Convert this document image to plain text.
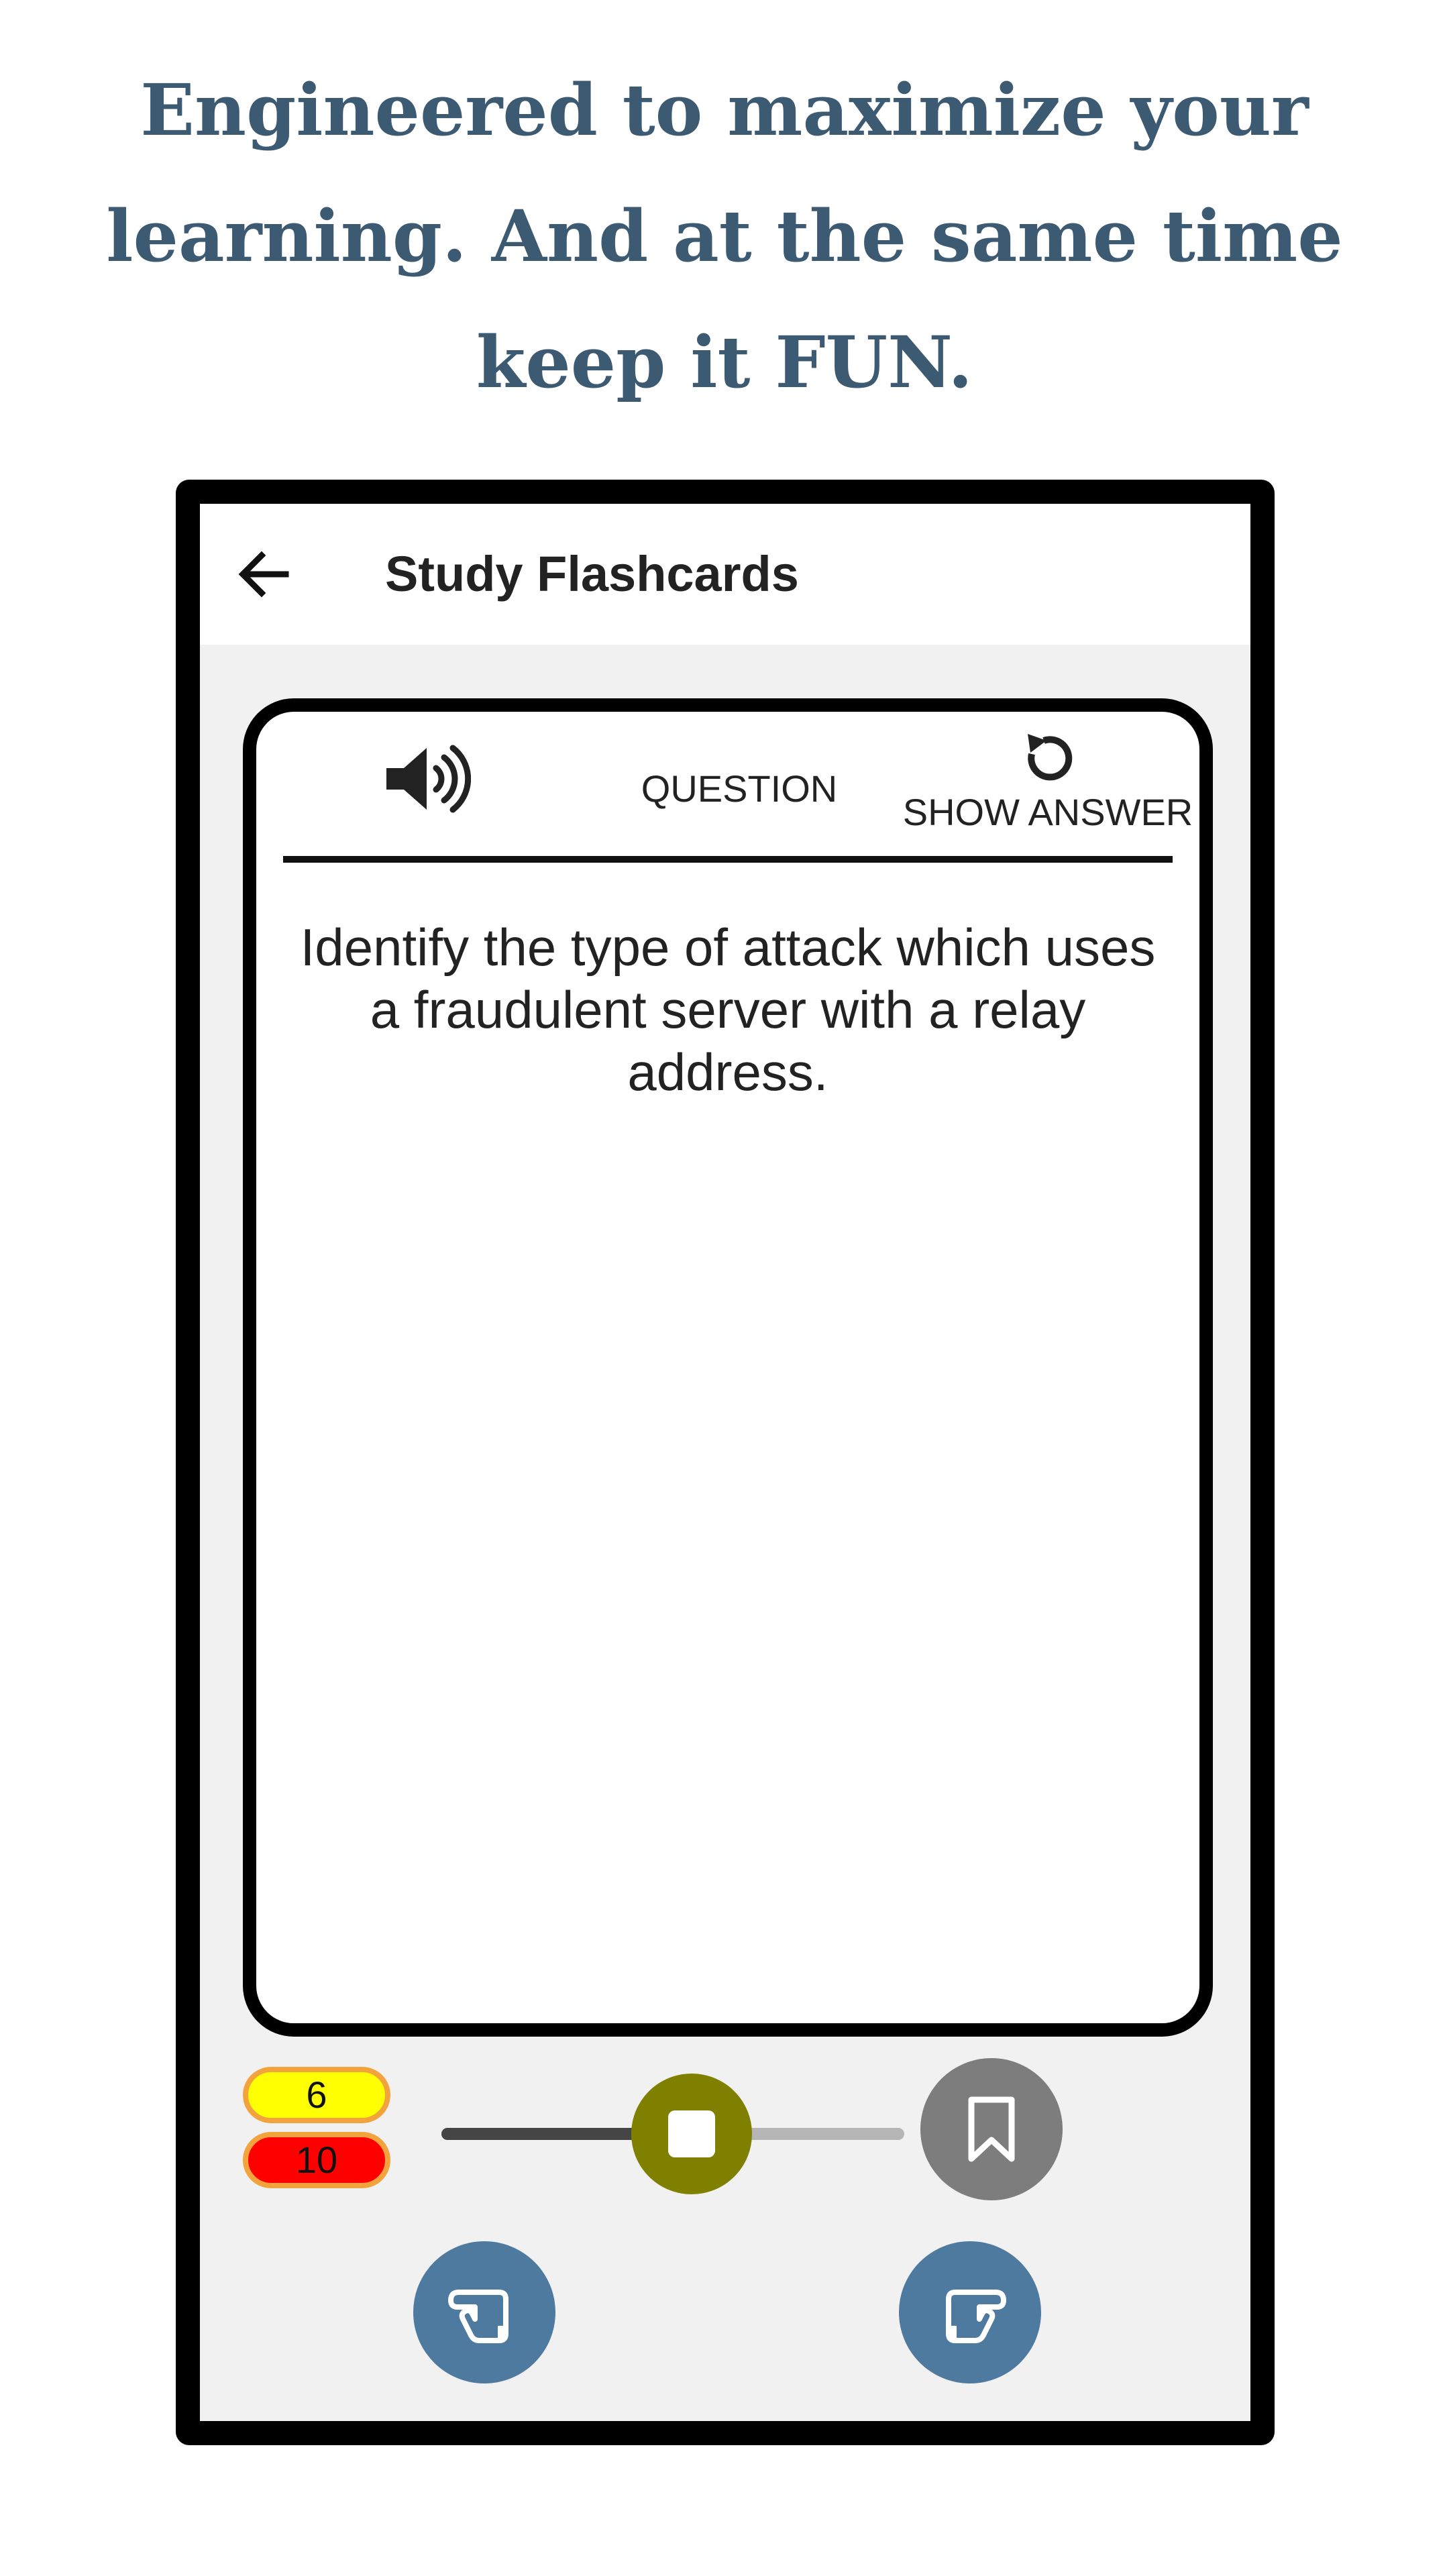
Engineered to maximize your learning. And at the same time keep it FUN.
Study Flashcards
QUESTION
SHOW ANSWER
Identify the type of attack which uses a fraudulent server with a relay address.
6
10
